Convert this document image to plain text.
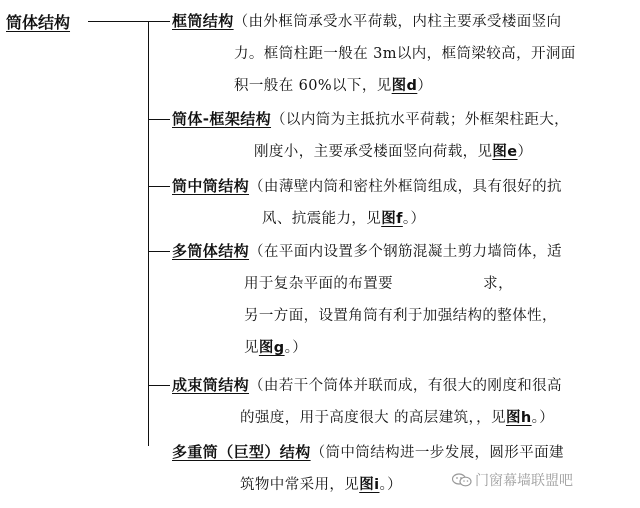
筒体结构	框筒结构（由外框筒承受水平荷载，内柱主要承受楼面竖向
力。框筒柱距一般在 3m以内，框筒梁较高，开洞面
积一般在 60%以下，见图d）
筒体-框架结构（以内筒为主抵抗水平荷载；外框架柱距大，
刚度小，主要承受楼面竖向荷载，见图e）
筒中筒结构（由薄壁内筒和密柱外框筒组成，具有很好的抗
风、抗震能力，见图f。）
多筒体结构（在平面内设置多个钢筋混凝土剪力墙筒体，适
用于复杂平面的布置要                  求，
另一方面，设置角筒有利于加强结构的整体性，
见图g。）
成束筒结构（由若干个筒体并联而成，有很大的刚度和很高
的强度，用于高度很大 的高层建筑，，见图h。）
多重筒（巨型）结构（筒中筒结构进一步发展，圆形平面建
筑物中常采用，见图i。）	门窗幕墙联盟吧
